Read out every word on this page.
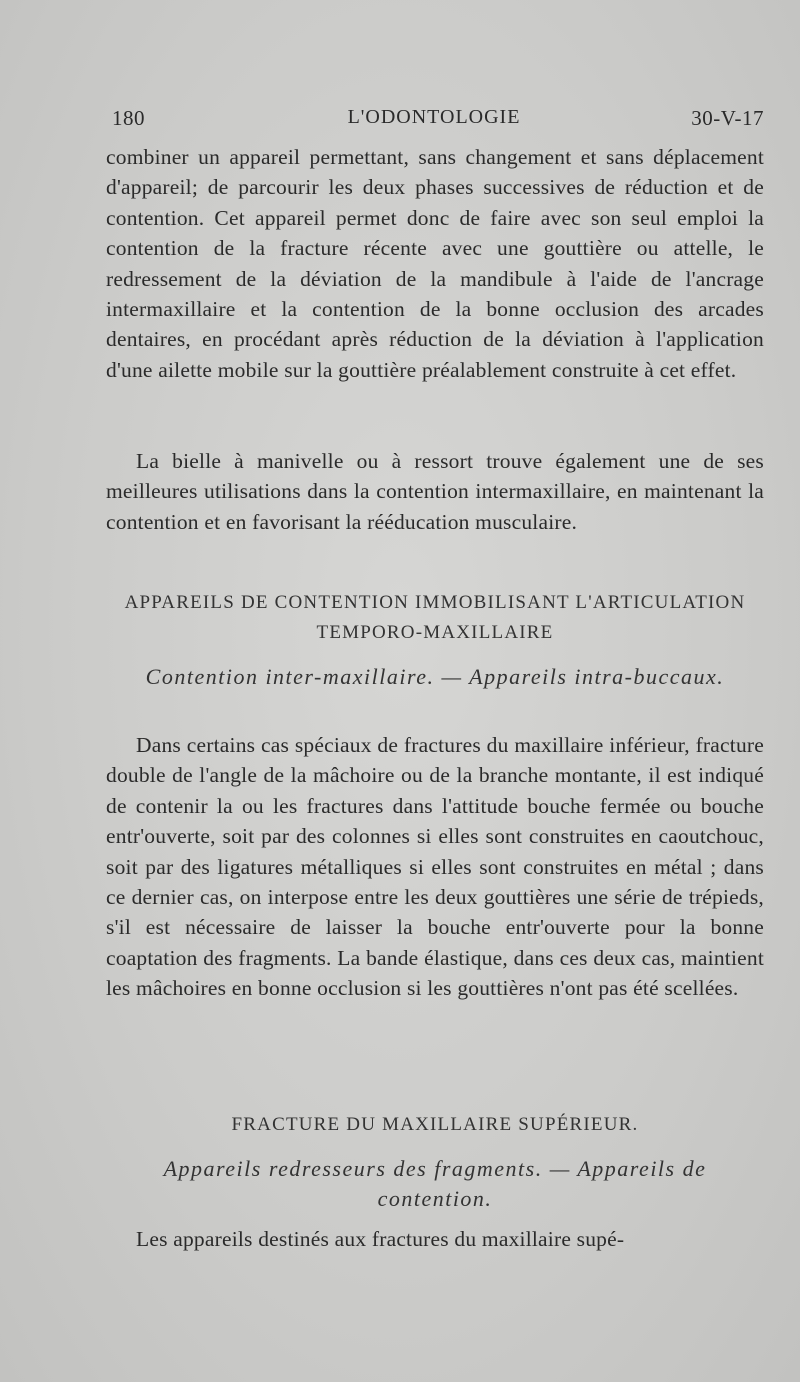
180	L'ODONTOLOGIE	30-V-17

combiner un appareil permettant, sans changement et sans déplacement d'appareil; de parcourir les deux phases successives de réduction et de contention. Cet appareil permet donc de faire avec son seul emploi la contention de la fracture récente avec une gouttière ou attelle, le redressement de la déviation de la mandibule à l'aide de l'ancrage intermaxillaire et la contention de la bonne occlusion des arcades dentaires, en procédant après réduction de la déviation à l'application d'une ailette mobile sur la gouttière préalablement construite à cet effet.

La bielle à manivelle ou à ressort trouve également une de ses meilleures utilisations dans la contention intermaxillaire, en maintenant la contention et en favorisant la rééducation musculaire.

APPAREILS DE CONTENTION IMMOBILISANT L'ARTICULATION TEMPORO-MAXILLAIRE
Contention inter-maxillaire. — Appareils intra-buccaux.

Dans certains cas spéciaux de fractures du maxillaire inférieur, fracture double de l'angle de la mâchoire ou de la branche montante, il est indiqué de contenir la ou les fractures dans l'attitude bouche fermée ou bouche entr'ouverte, soit par des colonnes si elles sont construites en caoutchouc, soit par des ligatures métalliques si elles sont construites en métal ; dans ce dernier cas, on interpose entre les deux gouttières une série de trépieds, s'il est nécessaire de laisser la bouche entr'ouverte pour la bonne coaptation des fragments. La bande élastique, dans ces deux cas, maintient les mâchoires en bonne occlusion si les gouttières n'ont pas été scellées.

FRACTURE DU MAXILLAIRE SUPÉRIEUR.
Appareils redresseurs des fragments. — Appareils de contention.

Les appareils destinés aux fractures du maxillaire supé-
